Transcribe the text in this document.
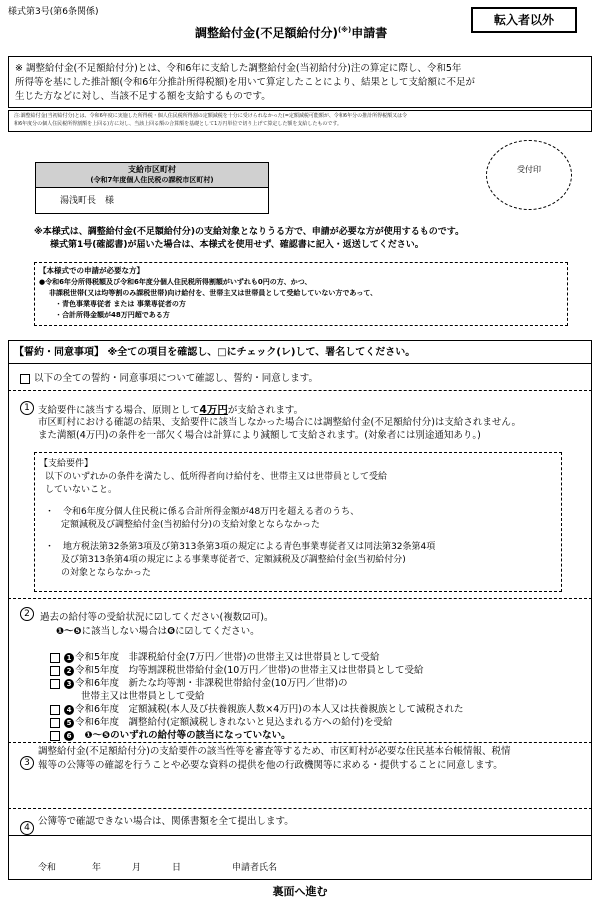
様式第3号(第6条関係)
調整給付金(不足額給付分)(※)申請書
転入者以外
※ 調整給付金(不足額給付分)とは、令和6年に支給した調整給付金(当初給付分)注の算定に際し、令和5年
所得等を基にした推計額(令和6年分推計所得税額)を用いて算定したことにより、結果として支給額に不足が
生じた方などに対し、当該不足する額を支給するものです。
注:調整給付金(当初給付分)とは、令和6年度に実施した所得税・個人住民税所得割の定額減税を十分に受けられなかった(=定額減税可能額が、令和6年分の推計所得税額又は令
和6年度分の個人住民税所得割額を上回る)方に対し、当該上回る額の合算額を基礎として1万円単位で切り上げて算定した額を支給したものです。
支給市区町村
(令和7年度個人住民税の課税市区町村)
湯浅町長　様
受付印
※本様式は、調整給付金(不足額給付分)の支給対象となりうる方で、申請が必要な方が使用するものです。
様式第1号(確認書)が届いた場合は、本様式を使用せず、確認書に記入・返送してください。
【本様式での申請が必要な方】
●令和6年分所得税額及び令和6年度分個人住民税所得割額がいずれも0円の方、かつ、
非課税世帯(又は均等割のみ課税世帯)向け給付を、世帯主又は世帯員として受給していない方であって、
・青色事業専従者 または 事業専従者の方
・合計所得金額が48万円超である方
【誓約・同意事項】 ※全ての項目を確認し、□にチェック(レ)して、署名してください。
以下の全ての誓約・同意事項について確認し、誓約・同意します。
1 支給要件に該当する場合、原則として4万円が支給されます。
市区町村における確認の結果、支給要件に該当しなかった場合には調整給付金(不足額給付分)は支給されません。
また満額(4万円)の条件を一部欠く場合は計算により減額して支給されます。(対象者には別途通知あり。)
【支給要件】
以下のいずれかの条件を満たし、低所得者向け給付を、世帯主又は世帯員として受給
していないこと。
・　令和6年度分個人住民税に係る合計所得金額が48万円を超える者のうち、
定額減税及び調整給付金(当初給付分)の支給対象とならなかった
・　地方税法第32条第3項及び第313条第3項の規定による青色事業専従者又は同法第32条第4項
及び第313条第4項の規定による事業専従者で、定額減税及び調整給付金(当初給付分)
の対象とならなかった
2	過去の給付等の受給状況に☑してください(複数☑可)。
❶～❺に該当しない場合は❻に☑してください。
1 令和5年度　非課税給付金(7万円／世帯)の世帯主又は世帯員として受給
2 令和5年度　均等割課税世帯給付金(10万円／世帯)の世帯主又は世帯員として受給
3 令和6年度　新たな均等割・非課税世帯給付金(10万円／世帯)の
世帯主又は世帯員として受給
4 令和6年度　定額減税(本人及び扶養親族人数×4万円)の本人又は扶養親族として減税された
5 令和6年度　調整給付(定額減税しきれないと見込まれる方への給付)を受給
6　❶～❺のいずれの給付等の該当になっていない。
3
調整給付金(不足額給付分)の支給要件の該当性等を審査等するため、市区町村が必要な住民基本台帳情報、税情
報等の公簿等の確認を行うことや必要な資料の提供を他の行政機関等に求める・提供することに同意します。
4
公簿等で確認できない場合は、関係書類を全て提出します。
令和	年	月	日	申請者氏名
裏面へ進む
